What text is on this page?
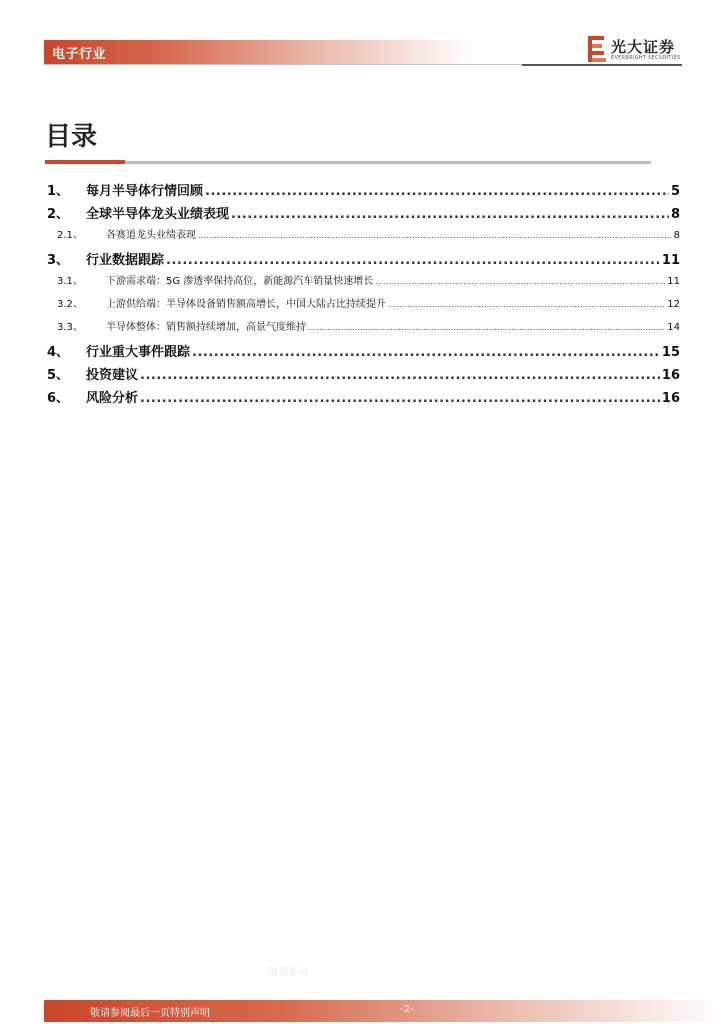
电子行业	光大证券
EVERBRIGHT SECURITIES
目录
1、	每月半导体行情回顾 .....	5
2、	全球半导体龙头业绩表现 .....	8
2.1、	各赛道龙头业绩表现 .....	8
3、	行业数据跟踪 .....	11
3.1、	下游需求端：5G 渗透率保持高位，新能源汽车销量快速增长 .....	11
3.2、	上游供给端：半导体设备销售额高增长，中国大陆占比持续提升 .....	12
3.3、	半导体整体：销售额持续增加，高景气度维持 .....	14
4、	行业重大事件跟踪 .....	15
5、	投资建议 .....	16
6、	风险分析 .....	16
敬请参阅
敬请参阅最后一页特别声明	-2-
